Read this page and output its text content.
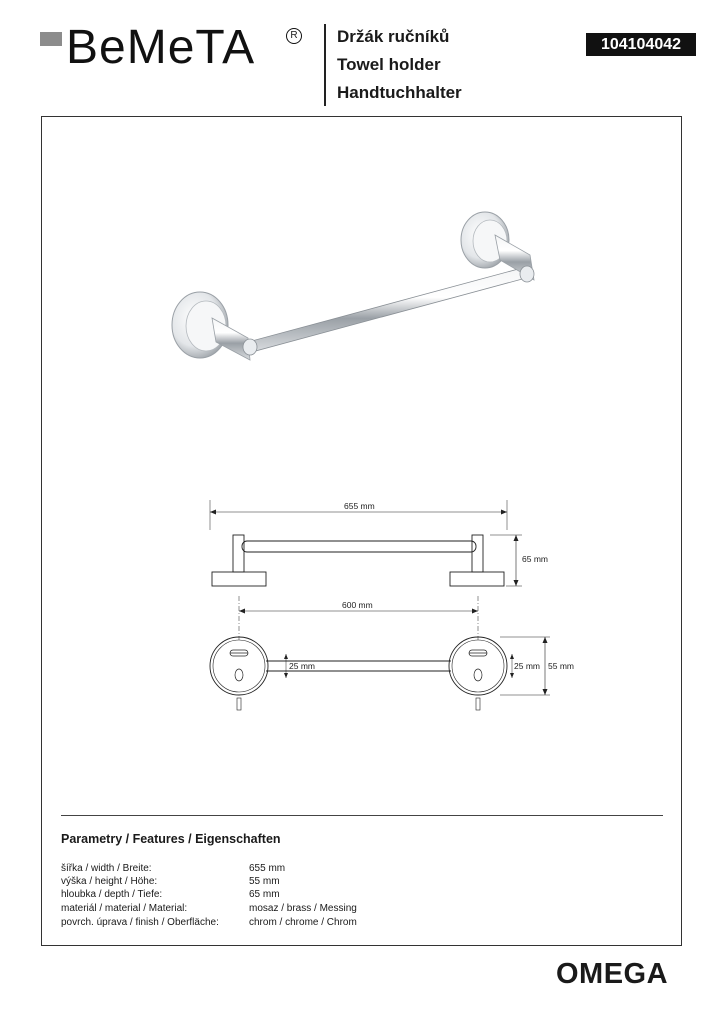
BeMeTA	R Držák ručníků
Towel holder
Handtuchhalter
104104042
655 mm
65 mm
600 mm
25 mm	25 mm 55 mm
Parametry / Features / Eigenschaften
šířka / width / Breite:	655 mm
výška / height / Höhe:	55 mm
hloubka / depth / Tiefe:	65 mm
materiál / material / Material:	mosaz / brass / Messing
povrch. úprava / finish / Oberfläche:	chrom / chrome / Chrom
OMEGA
